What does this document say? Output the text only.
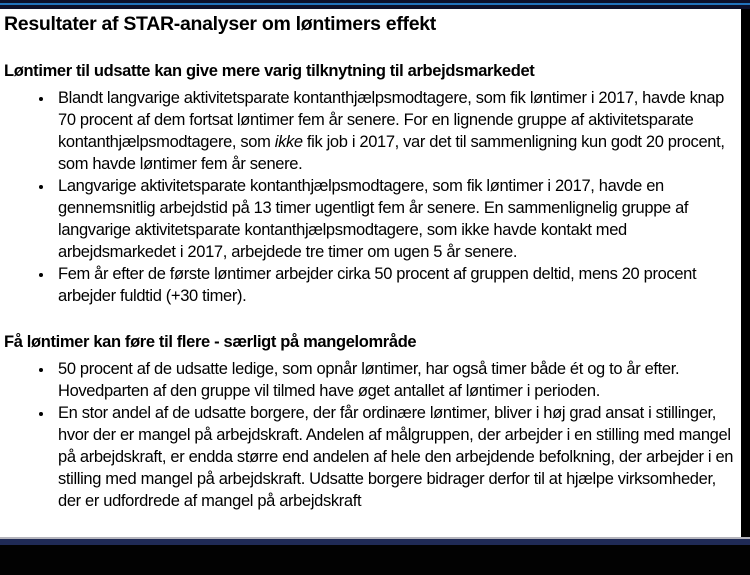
Resultater af STAR-analyser om løntimers effekt
Løntimer til udsatte kan give mere varig tilknytning til arbejdsmarkedet
• Blandt langvarige aktivitetsparate kontanthjælpsmodtagere, som fik løntimer i 2017, havde knap 70 procent af dem fortsat løntimer fem år senere. For en lignende gruppe af aktivitetsparate kontanthjælpsmodtagere, som ikke fik job i 2017, var det til sammenligning kun godt 20 procent, som havde løntimer fem år senere.
• Langvarige aktivitetsparate kontanthjælpsmodtagere, som fik løntimer i 2017, havde en gennemsnitlig arbejdstid på 13 timer ugentligt fem år senere. En sammenlignelig gruppe af langvarige aktivitetsparate kontanthjælpsmodtagere, som ikke havde kontakt med arbejdsmarkedet i 2017, arbejdede tre timer om ugen 5 år senere.
• Fem år efter de første løntimer arbejder cirka 50 procent af gruppen deltid, mens 20 procent arbejder fuldtid (+30 timer).
Få løntimer kan føre til flere - særligt på mangelområde
• 50 procent af de udsatte ledige, som opnår løntimer, har også timer både ét og to år efter. Hovedparten af den gruppe vil tilmed have øget antallet af løntimer i perioden.
• En stor andel af de udsatte borgere, der får ordinære løntimer, bliver i høj grad ansat i stillinger, hvor der er mangel på arbejdskraft. Andelen af målgruppen, der arbejder i en stilling med mangel på arbejdskraft, er endda større end andelen af hele den arbejdende befolkning, der arbejder i en stilling med mangel på arbejdskraft. Udsatte borgere bidrager derfor til at hjælpe virksomheder, der er udfordrede af mangel på arbejdskraft
